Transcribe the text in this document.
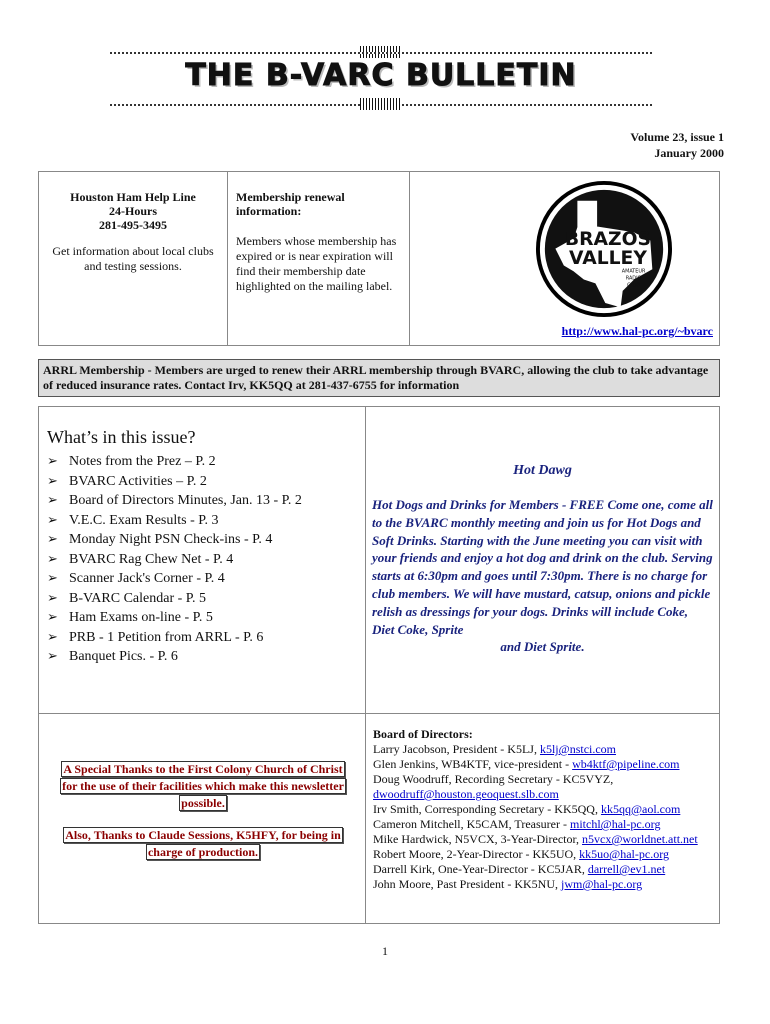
THE B-VARC BULLETIN
Volume 23, issue 1
January 2000
Houston Ham Help Line
24-Hours
281-495-3495
Get information about local clubs and testing sessions.
Membership renewal information:
Members whose membership has expired or is near expiration will find their membership date highlighted on the mailing label.
BRAZOS
VALLEY
AMATEUR
RADIO
CLUB
http://www.hal-pc.org/~bvarc
ARRL Membership - Members are urged to renew their ARRL membership through BVARC, allowing the club to take advantage of reduced insurance rates. Contact Irv, KK5QQ at 281-437-6755 for information
What’s in this issue?
➢ Notes from the Prez – P. 2
➢ BVARC Activities – P. 2
➢ Board of Directors Minutes, Jan. 13 - P. 2
➢ V.E.C. Exam Results - P. 3
➢ Monday Night PSN Check-ins - P. 4
➢ BVARC Rag Chew Net - P. 4
➢ Scanner Jack's Corner - P. 4
➢ B-VARC Calendar - P. 5
➢ Ham Exams on-line - P. 5
➢ PRB - 1 Petition from ARRL - P. 6
➢ Banquet Pics. - P. 6
Hot Dawg
Hot Dogs and Drinks for Members - FREE Come one, come all to the BVARC monthly meeting and join us for Hot Dogs and Soft Drinks. Starting with the June meeting you can visit with your friends and enjoy a hot dog and drink on the club. Serving starts at 6:30pm and goes until 7:30pm. There is no charge for club members. We will have mustard, catsup, onions and pickle relish as dressings for your dogs. Drinks will include Coke, Diet Coke, Sprite
and Diet Sprite.
A Special Thanks to the First Colony Church of Christ for the use of their facilities which make this newsletter possible.
Also, Thanks to Claude Sessions, K5HFY, for being in charge of production.
Board of Directors:
Larry Jacobson, President - K5LJ, k5lj@nstci.com
Glen Jenkins, WB4KTF, vice-president - wb4ktf@pipeline.com
Doug Woodruff, Recording Secretary - KC5VYZ, dwoodruff@houston.geoquest.slb.com
Irv Smith, Corresponding Secretary - KK5QQ, kk5qq@aol.com
Cameron Mitchell, K5CAM, Treasurer - mitchl@hal-pc.org
Mike Hardwick, N5VCX, 3-Year-Director, n5vcx@worldnet.att.net
Robert Moore, 2-Year-Director - KK5UO, kk5uo@hal-pc.org
Darrell Kirk, One-Year-Director - KC5JAR, darrell@ev1.net
John Moore, Past President - KK5NU, jwm@hal-pc.org
1
